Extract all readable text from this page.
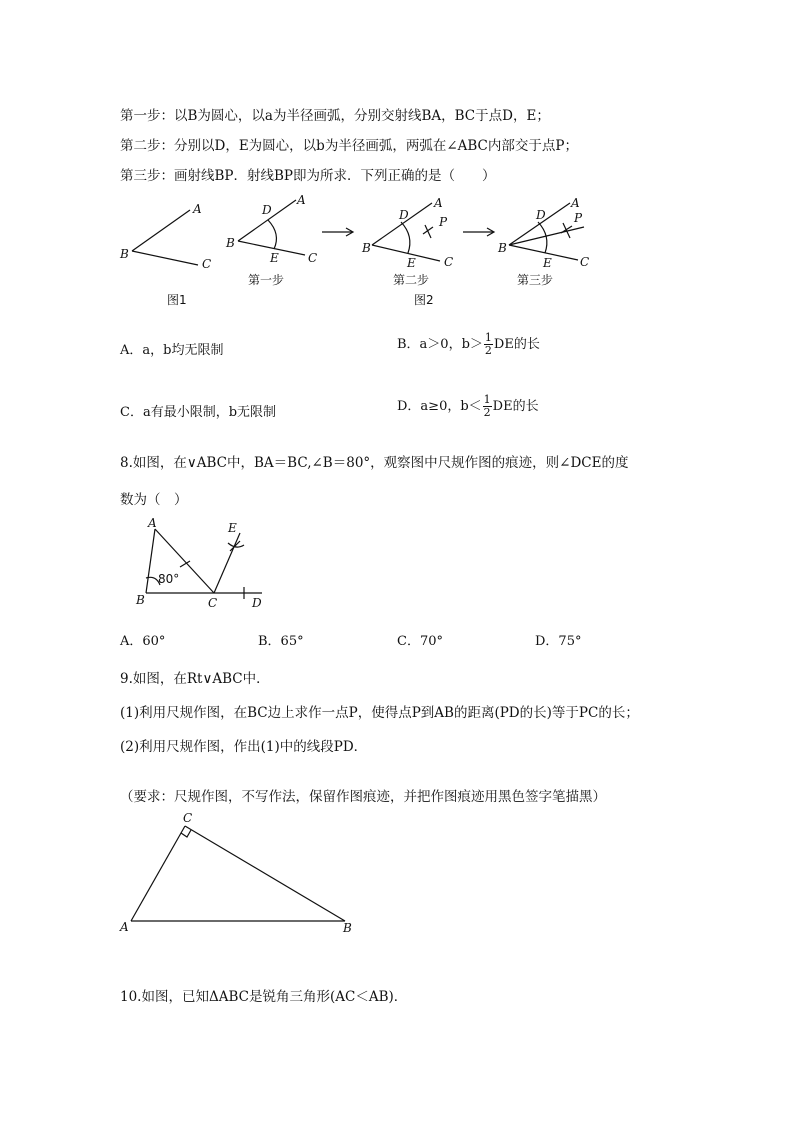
第一步：以B为圆心，以a为半径画弧，分别交射线BA，BC于点D，E；
第二步：分别以D，E为圆心，以b为半径画弧，两弧在∠ABC内部交于点P；
第三步：画射线BP．射线BP即为所求．下列正确的是（　　）
A
B
C
图1
A
B
C
D
E
第一步
A
B
C
D
E
P
第二步
图2
A
B
C
D
E
P
第三步
A
B	C	D
E
80°
C
A	B
A．a，b均无限制	B．a＞0，$b> \frac{1}{2}$ DE的长
C．a有最小限制，b无限制	D．a≥0，$b< \frac{1}{2}$ DE的长
8.如图，在∨ABC中，BA＝BC,∠B＝80°，观察图中尺规作图的痕迹，则∠DCE的度
数为（　）
A．60°	B．65°	C．70°	D．75°
9.如图，在Rt∨ABC中．
(1)利用尺规作图，在BC边上求作一点P，使得点P到AB的距离(PD的长)等于PC的长；
(2)利用尺规作图，作出(1)中的线段PD．
（要求：尺规作图，不写作法，保留作图痕迹，并把作图痕迹用黑色签字笔描黑）
10.如图，已知ΔABC是锐角三角形(AC＜AB)．
